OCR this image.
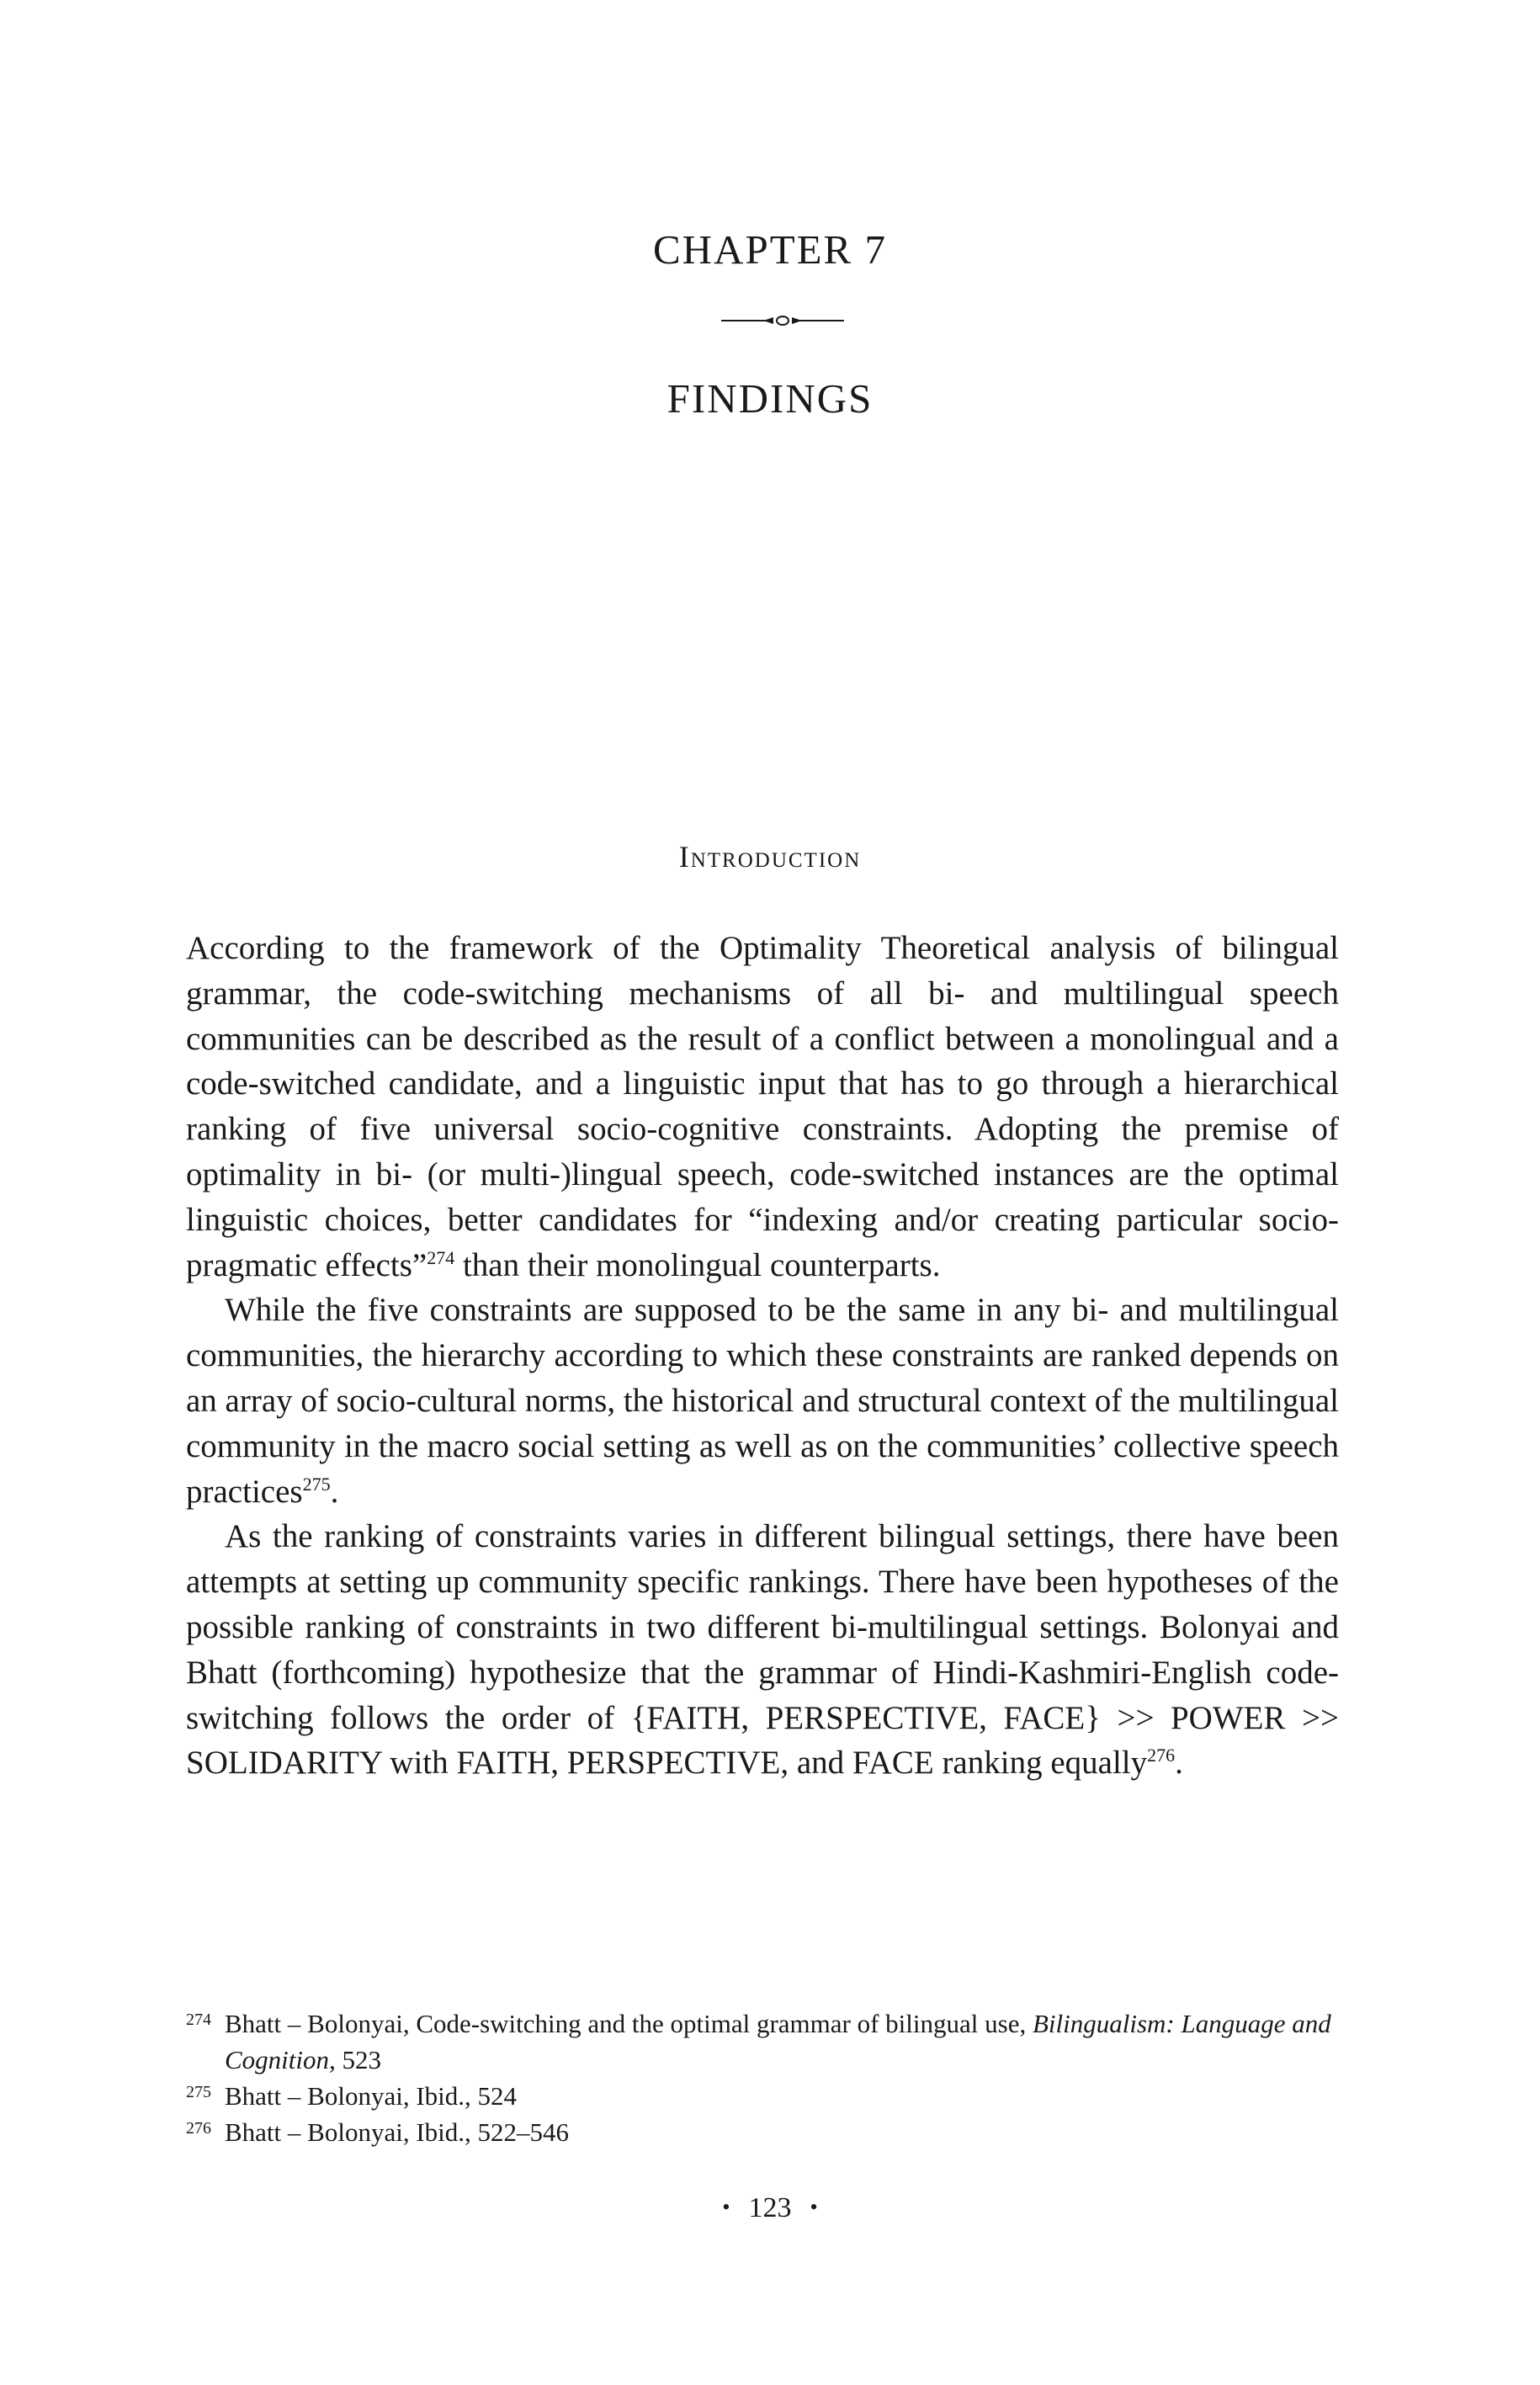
CHAPTER 7
FINDINGS
Introduction

According to the framework of the Optimality Theoretical analysis of bilingual grammar, the code-switching mechanisms of all bi- and multilingual speech communities can be described as the result of a conflict between a monolingual and a code-switched candidate, and a linguistic input that has to go through a hierarchical ranking of five universal socio-cognitive constraints. Adopting the premise of optimality in bi- (or multi-)lingual speech, code-switched instances are the optimal linguistic choices, better candidates for “indexing and/or creating particular socio-pragmatic effects”$^{274}$ than their monolingual counterparts.

While the five constraints are supposed to be the same in any bi- and multilingual communities, the hierarchy according to which these constraints are ranked depends on an array of socio-cultural norms, the historical and structural context of the multilingual community in the macro social setting as well as on the communities’ collective speech practices$^{275}$.

As the ranking of constraints varies in different bilingual settings, there have been attempts at setting up community specific rankings. There have been hypotheses of the possible ranking of constraints in two different bi-multilingual settings. Bolonyai and Bhatt (forthcoming) hypothesize that the grammar of Hindi-Kashmiri-English code-switching follows the order of {FAITH, PERSPECTIVE, FACE} >> POWER >> SOLIDARITY with FAITH, PERSPECTIVE, and FACE ranking equally$^{276}$.

274 Bhatt – Bolonyai, Code-switching and the optimal grammar of bilingual use, Bilingualism: Language and Cognition, 523
275 Bhatt – Bolonyai, Ibid., 524
276 Bhatt – Bolonyai, Ibid., 522–546
• 123 •
